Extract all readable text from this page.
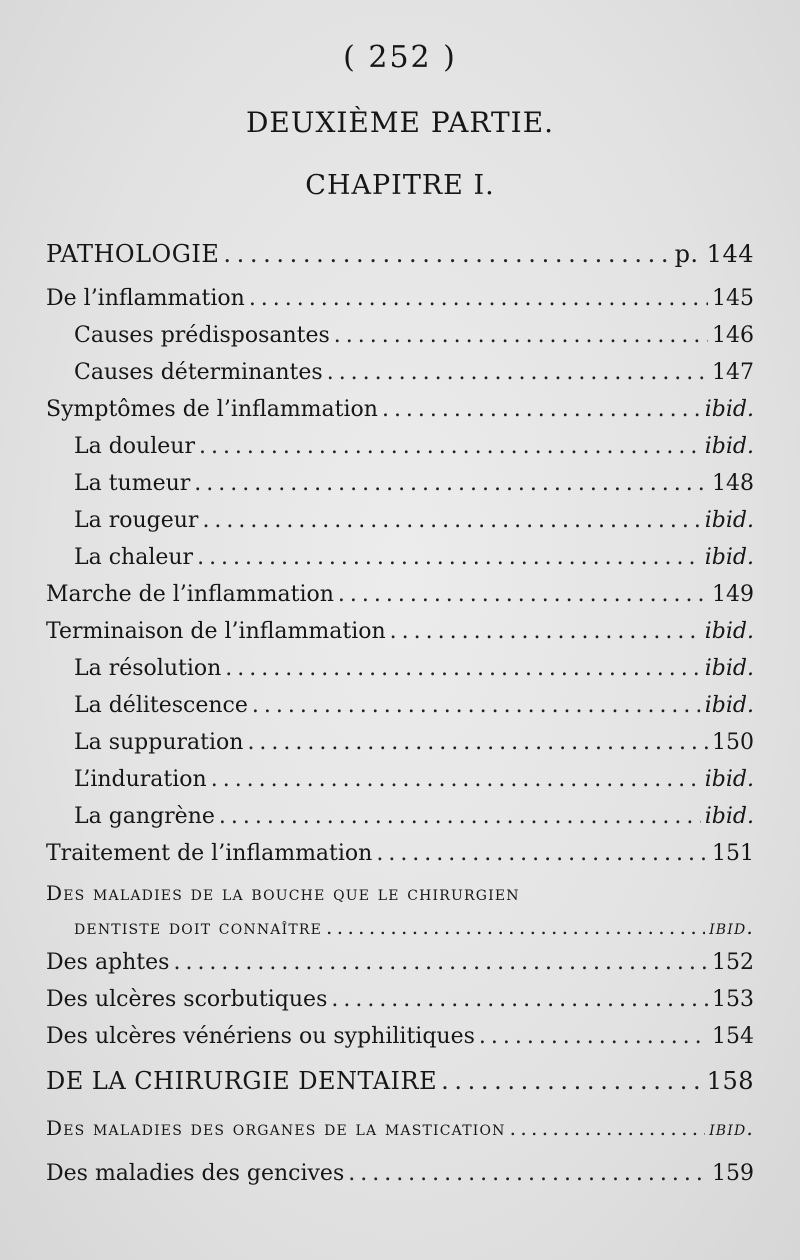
( 252 )
DEUXIÈME PARTIE.
CHAPITRE I.
PATHOLOGIE . . .	p. 144
De l’inflammation . . .	145
Causes prédisposantes . . .	146
Causes déterminantes . . .	147
Symptômes de l’inflammation . . .	ibid.
La douleur . . .	ibid.
La tumeur . . .	148
La rougeur . . .	ibid.
La chaleur . . .	ibid.
Marche de l’inflammation . . .	149
Terminaison de l’inflammation . . .	ibid.
La résolution . . .	ibid.
La délitescence . . .	ibid.
La suppuration . . .	150
L’induration . . .	ibid.
La gangrène . . .	ibid.
Traitement de l’inflammation . . .	151
Des maladies de la bouche que le chirurgien
dentiste doit connaître . . .	ibid.
Des aphtes . . .	152
Des ulcères scorbutiques . . .	153
Des ulcères vénériens ou syphilitiques . . .	154
DE LA CHIRURGIE DENTAIRE . . .	158
Des maladies des organes de la mastication . . .	ibid.
Des maladies des gencives . . .	159
